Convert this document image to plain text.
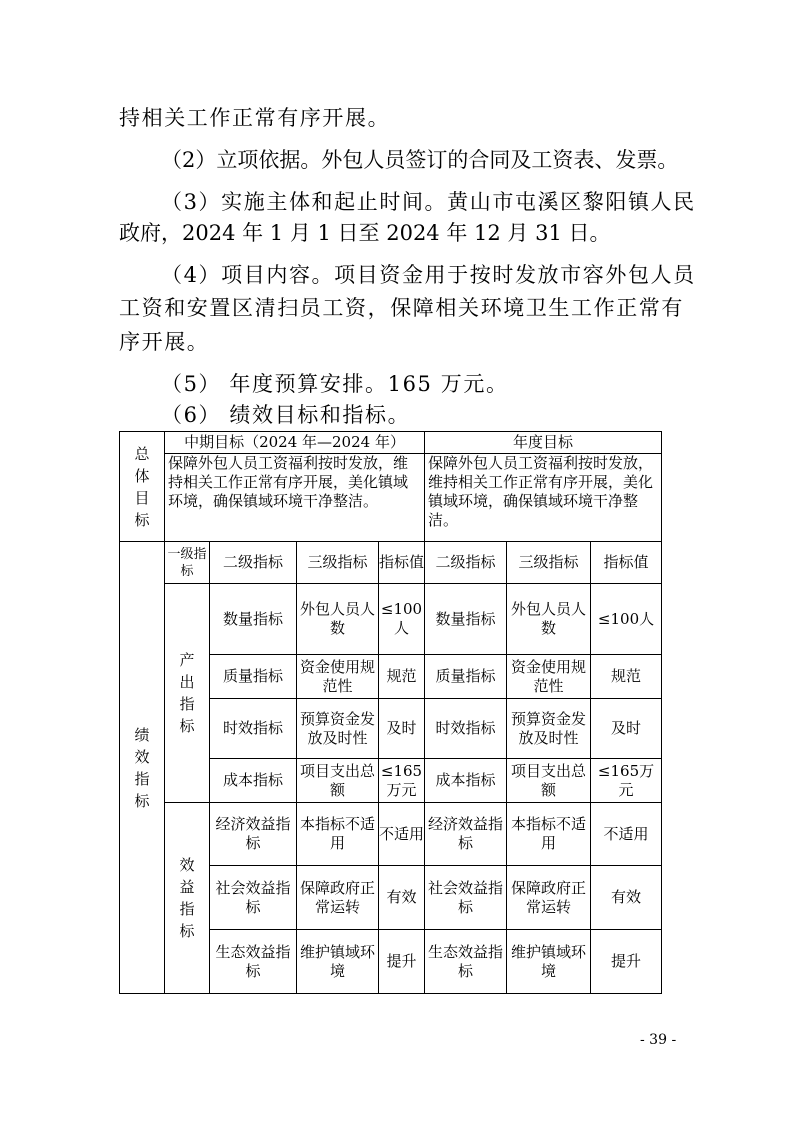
持相关工作正常有序开展。

（2）立项依据。外包人员签订的合同及工资表、发票。

（3）实施主体和起止时间。黄山市屯溪区黎阳镇人民

政府，2024 年 1 月 1 日至 2024 年 12 月 31 日。

（4）项目内容。项目资金用于按时发放市容外包人员

工资和安置区清扫员工资，保障相关环境卫生工作正常有

序开展。

（5） 年度预算安排。165 万元。

（6） 绩效目标和指标。

总体目标	中期目标（2024 年—2024 年）				年度目标		

	保障外包人员工资福利按时发放，维持相关工作正常有序开展，美化镇域环境，确保镇域环境干净整洁。				保障外包人员工资福利按时发放，维持相关工作正常有序开展，美化镇域环境，确保镇域环境干净整洁。		

绩效指标	一级指标	二级指标	三级指标	指标值	二级指标	三级指标	指标值
	产出指标	数量指标	外包人员人数	≤100人	数量指标	外包人员人数	≤100人

		质量指标	资金使用规范性	规范	质量指标	资金使用规范性	规范
		时效指标	预算资金发放及时性	及时	时效指标	预算资金发放及时性	及时
		成本指标	项目支出总额	≤165万元	成本指标	项目支出总额	≤165万元

	效益指标	经济效益指标	本指标不适用	不适用	经济效益指标	本指标不适用	不适用

		社会效益指标	保障政府正常运转	有效	社会效益指标	保障政府正常运转	有效

		生态效益指标	维护镇域环境	提升	生态效益指标	维护镇域环境	提升
- 39 -
